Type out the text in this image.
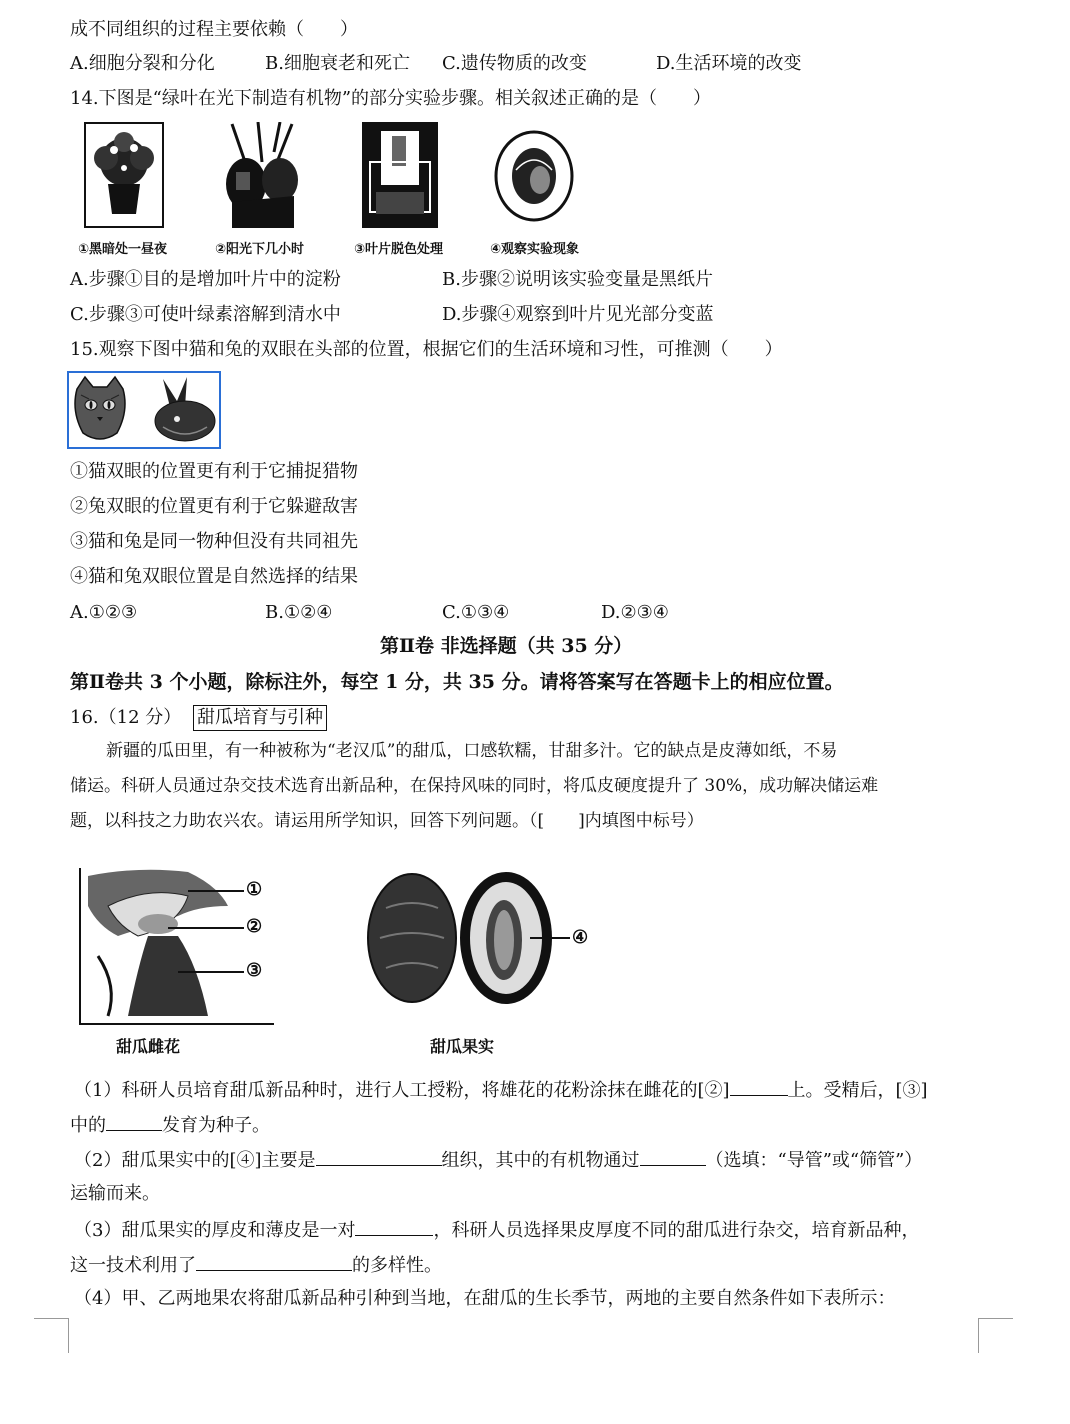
成不同组织的过程主要依赖（　　）
A.细胞分裂和分化	B.细胞衰老和死亡 C.遗传物质的改变	D.生活环境的改变
14.下图是“绿叶在光下制造有机物”的部分实验步骤。相关叙述正确的是（　　）
①黑暗处一昼夜	②阳光下几小时	③叶片脱色处理	④观察实验现象
A.步骤①目的是增加叶片中的淀粉	B.步骤②说明该实验变量是黑纸片
C.步骤③可使叶绿素溶解到清水中	D.步骤④观察到叶片见光部分变蓝
15.观察下图中猫和兔的双眼在头部的位置，根据它们的生活环境和习性，可推测（　　）
①猫双眼的位置更有利于它捕捉猎物
②兔双眼的位置更有利于它躲避敌害
③猫和兔是同一物种但没有共同祖先
④猫和兔双眼位置是自然选择的结果
A.①②③	B.①②④	C.①③④	D.②③④
第Ⅱ卷 非选择题（共 35 分）
第Ⅱ卷共 3 个小题，除标注外，每空 1 分，共 35 分。请将答案写在答题卡上的相应位置。
16.（12 分） 甜瓜培育与引种
新疆的瓜田里，有一种被称为“老汉瓜”的甜瓜，口感软糯，甘甜多汁。它的缺点是皮薄如纸，不易
储运。科研人员通过杂交技术选育出新品种，在保持风味的同时，将瓜皮硬度提升了 30%，成功解决储运难
题，以科技之力助农兴农。请运用所学知识，回答下列问题。（[　　]内填图中标号）
①
②
③
④
甜瓜雌花	甜瓜果实
（1）科研人员培育甜瓜新品种时，进行人工授粉，将雄花的花粉涂抹在雌花的[②]	上。受精后，[③]
中的	发育为种子。
（2）甜瓜果实中的[④]主要是	组织，其中的有机物通过	（选填：“导管”或“筛管”）
运输而来。
（3）甜瓜果实的厚皮和薄皮是一对	，科研人员选择果皮厚度不同的甜瓜进行杂交，培育新品种，
这一技术利用了	的多样性。
（4）甲、乙两地果农将甜瓜新品种引种到当地，在甜瓜的生长季节，两地的主要自然条件如下表所示：
